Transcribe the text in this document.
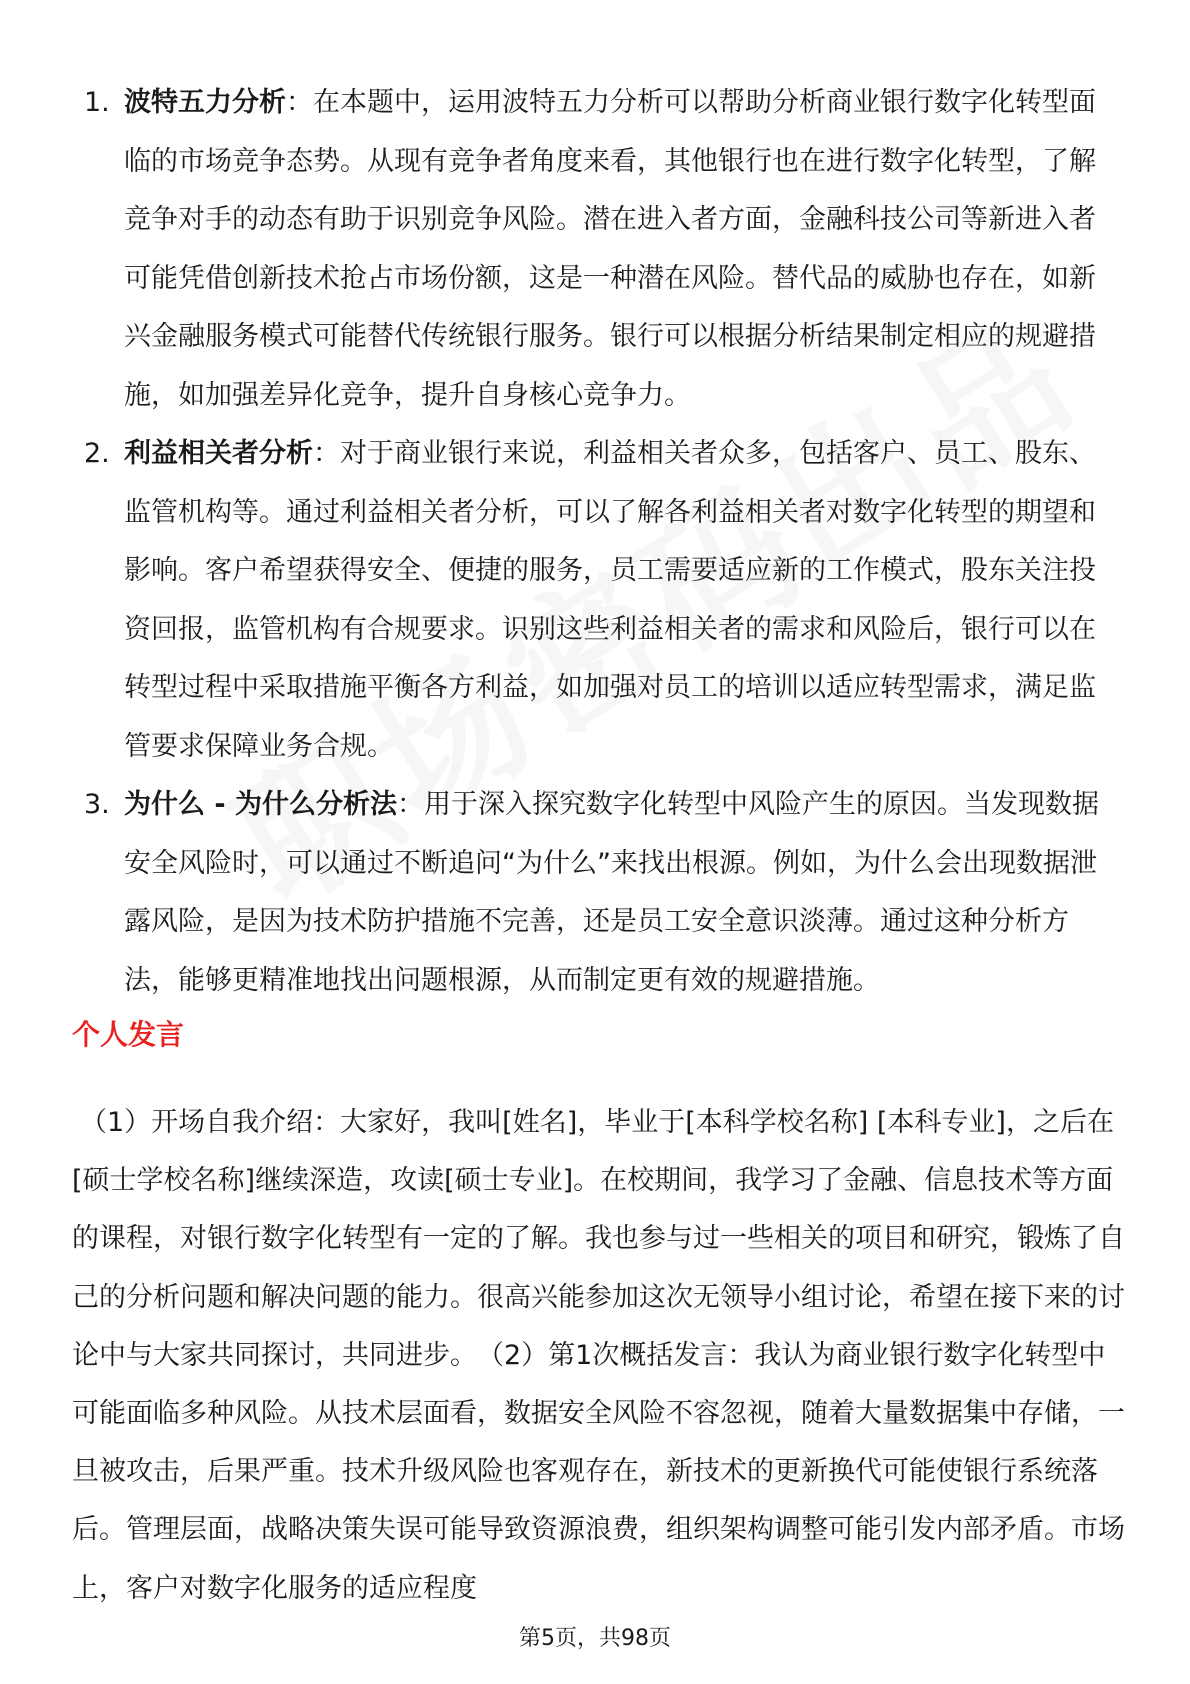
1. 波特五力分析：在本题中，运用波特五力分析可以帮助分析商业银行数字化转型面临的市场竞争态势。从现有竞争者角度来看，其他银行也在进行数字化转型，了解竞争对手的动态有助于识别竞争风险。潜在进入者方面，金融科技公司等新进入者可能凭借创新技术抢占市场份额，这是一种潜在风险。替代品的威胁也存在，如新兴金融服务模式可能替代传统银行服务。银行可以根据分析结果制定相应的规避措施，如加强差异化竞争，提升自身核心竞争力。
2. 利益相关者分析：对于商业银行来说，利益相关者众多，包括客户、员工、股东、监管机构等。通过利益相关者分析，可以了解各利益相关者对数字化转型的期望和影响。客户希望获得安全、便捷的服务，员工需要适应新的工作模式，股东关注投资回报，监管机构有合规要求。识别这些利益相关者的需求和风险后，银行可以在转型过程中采取措施平衡各方利益，如加强对员工的培训以适应转型需求，满足监管要求保障业务合规。
3. 为什么 - 为什么分析法：用于深入探究数字化转型中风险产生的原因。当发现数据安全风险时，可以通过不断追问“为什么”来找出根源。例如，为什么会出现数据泄露风险，是因为技术防护措施不完善，还是员工安全意识淡薄。通过这种分析方法，能够更精准地找出问题根源，从而制定更有效的规避措施。
个人发言

（1）开场自我介绍：大家好，我叫[姓名]，毕业于[本科学校名称] [本科专业]，之后在[硕士学校名称]继续深造，攻读[硕士专业]。在校期间，我学习了金融、信息技术等方面的课程，对银行数字化转型有一定的了解。我也参与过一些相关的项目和研究，锻炼了自己的分析问题和解决问题的能力。很高兴能参加这次无领导小组讨论，希望在接下来的讨论中与大家共同探讨，共同进步。　（2）第1次概括发言：我认为商业银行数字化转型中可能面临多种风险。从技术层面看，数据安全风险不容忽视，随着大量数据集中存储，一旦被攻击，后果严重。技术升级风险也客观存在，新技术的更新换代可能使银行系统落后。管理层面，战略决策失误可能导致资源浪费，组织架构调整可能引发内部矛盾。市场上，客户对数字化服务的适应程度

第5页，共98页
